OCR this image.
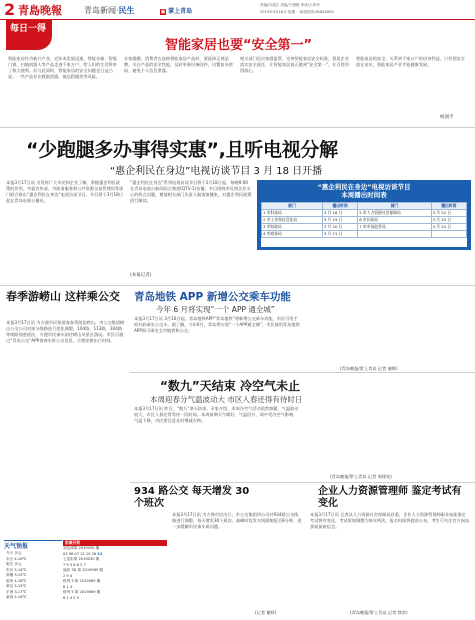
2 青島晚報	青岛新闻·民生	▣ 掌上青岛
责编/闫成江 美编/于媛媛 审读/王坏玲
2019年3月18日 星期一 新闻热线:82840000
每日一得
智能家居也要“安全第一”
智能家居作为新兴产业，近年来发展迅速，智能音箱、智能门锁、扫地机器人等产品走进千家万户，给人们的生活带来了极大便利。但与此同时，智能家居的安全问题也日益凸显，一些产品存在数据泄露、被远程操控等风险。
专家提醒，消费者在选购智能家居产品时，要选择正规品牌，关注产品的安全性能，及时更新设备固件，设置复杂密码，避免个人信息泄露。
相关部门也应加强监管，完善智能家居安全标准，督促企业落实安全责任，让智能家居真正做到“安全第一”，让百姓用得放心。
智能家居的安全，关系到千家万户的切身利益，只有把安全放在首位，智能家居产业才能健康发展。
杨润平
“少跑腿多办事得实惠”,且听电视分解
“惠企利民在身边”电视访谈节目 3 月 18 日开播
本报3月17日讯 为发挥广大市民和企业了解、掌握惠企利民政策的作用，市委宣传部、市政务服务和公共资源交易管理局等部门联合推出“惠企利民在身边”电视访谈节目，节目将于3月18日起在青岛电视台播出。
“惠企利民在身边”系列电视访谈节目将于3月18日起，每晚9:00在青岛电视台新闻综合频道(QTV-1)首播，节目围绕市民和企业关心的热点问题，邀请相关部门负责人做客演播室，对惠企利民政策进行解读。
(本报记者)
“惠企利民在身边”电视访谈节目
本周播出时间表
部门	播出时间	部门	播出时间
1 市科技局	3 月 18 日	5 市人力资源社会保障局	3 月 22 日
2 市工业和信息化局	3 月 19 日	6 市民政局	3 月 23 日
3 市财政局	3 月 20 日	7 市市场监管局	3 月 24 日
4 市商务局	3 月 21 日		
春季游崂山 这样乘公交
本报3月17日讯 为方便市民和游客春季游览崂山，市公交集团崂山公交公司对部分线路进行优化调整，104路、113路、304路等线路加密班次，方便市民乘车前往崂山风景区游玩。市民可通过“青岛公交”APP查询实时公交信息，合理安排出行时间。
青岛地铁 APP 新增公交乘车功能
今年 6 月将实现“一个 APP 通全城”
本报3月17日讯 3月16日起，青岛地铁APP“青岛地铁”将新增公交乘车功能，市民可用手机扫码乘坐公交车。据了解，今年6月，青岛将实现“一个APP通全城”，市民使用青岛地铁APP即可乘坐全市地铁和公交。
(青岛晚报/掌上青岛 记者 谢辉)
“数九”天结束 冷空气未止
本周迎春分气温波动大 市区入春还得有待时日
本报3月17日讯 昨日，“数九”寒天结束。专家介绍，本周冷空气活动依然频繁，气温波动较大，市区入春还得等待一段时间。本周前期天气晴好，气温回升，周中受冷空气影响，气温下降，市民要注意及时增减衣物。
(青岛晚报/掌上青岛 记者 周建亮)
934 路公交 每天增发 30 个班次
本报3月17日讯 为方便市民出行，市公交集团四公司对934路公交线路进行调整，每天增发30个班次，高峰时段发车间隔缩短至8分钟，进一步缓解市民乘车难问题。
(记者 谢辉)
企业人力资源管理师 鉴定考试有变化
本报3月17日讯 记者从人力资源社会保障局获悉，企业人力资源管理师职业技能鉴定考试将有变化，考试时间调整为每年两次，报名时间将提前公布，考生可关注官方网站获取最新信息。
(青岛晚报/掌上青岛 记者 徐彦)
天气预报
今天 多云
市区 4-16℃
明天 多云
市区 5-14℃
即墨 3-15℃
胶州 4-16℃
黄岛 5-15℃
平度 3-17℃
莱西 2-16℃
彩票开奖
双色球第 2019030 期
03 06 07 12 15 26 11
七星彩第 2019030 期
7 9 3 8 6 2 7
福彩 3D 第 2019069 期
2 9 4
排列 3 第 2019069 期
8 1 4
排列 5 第 2019069 期
8 1 4 2 5
